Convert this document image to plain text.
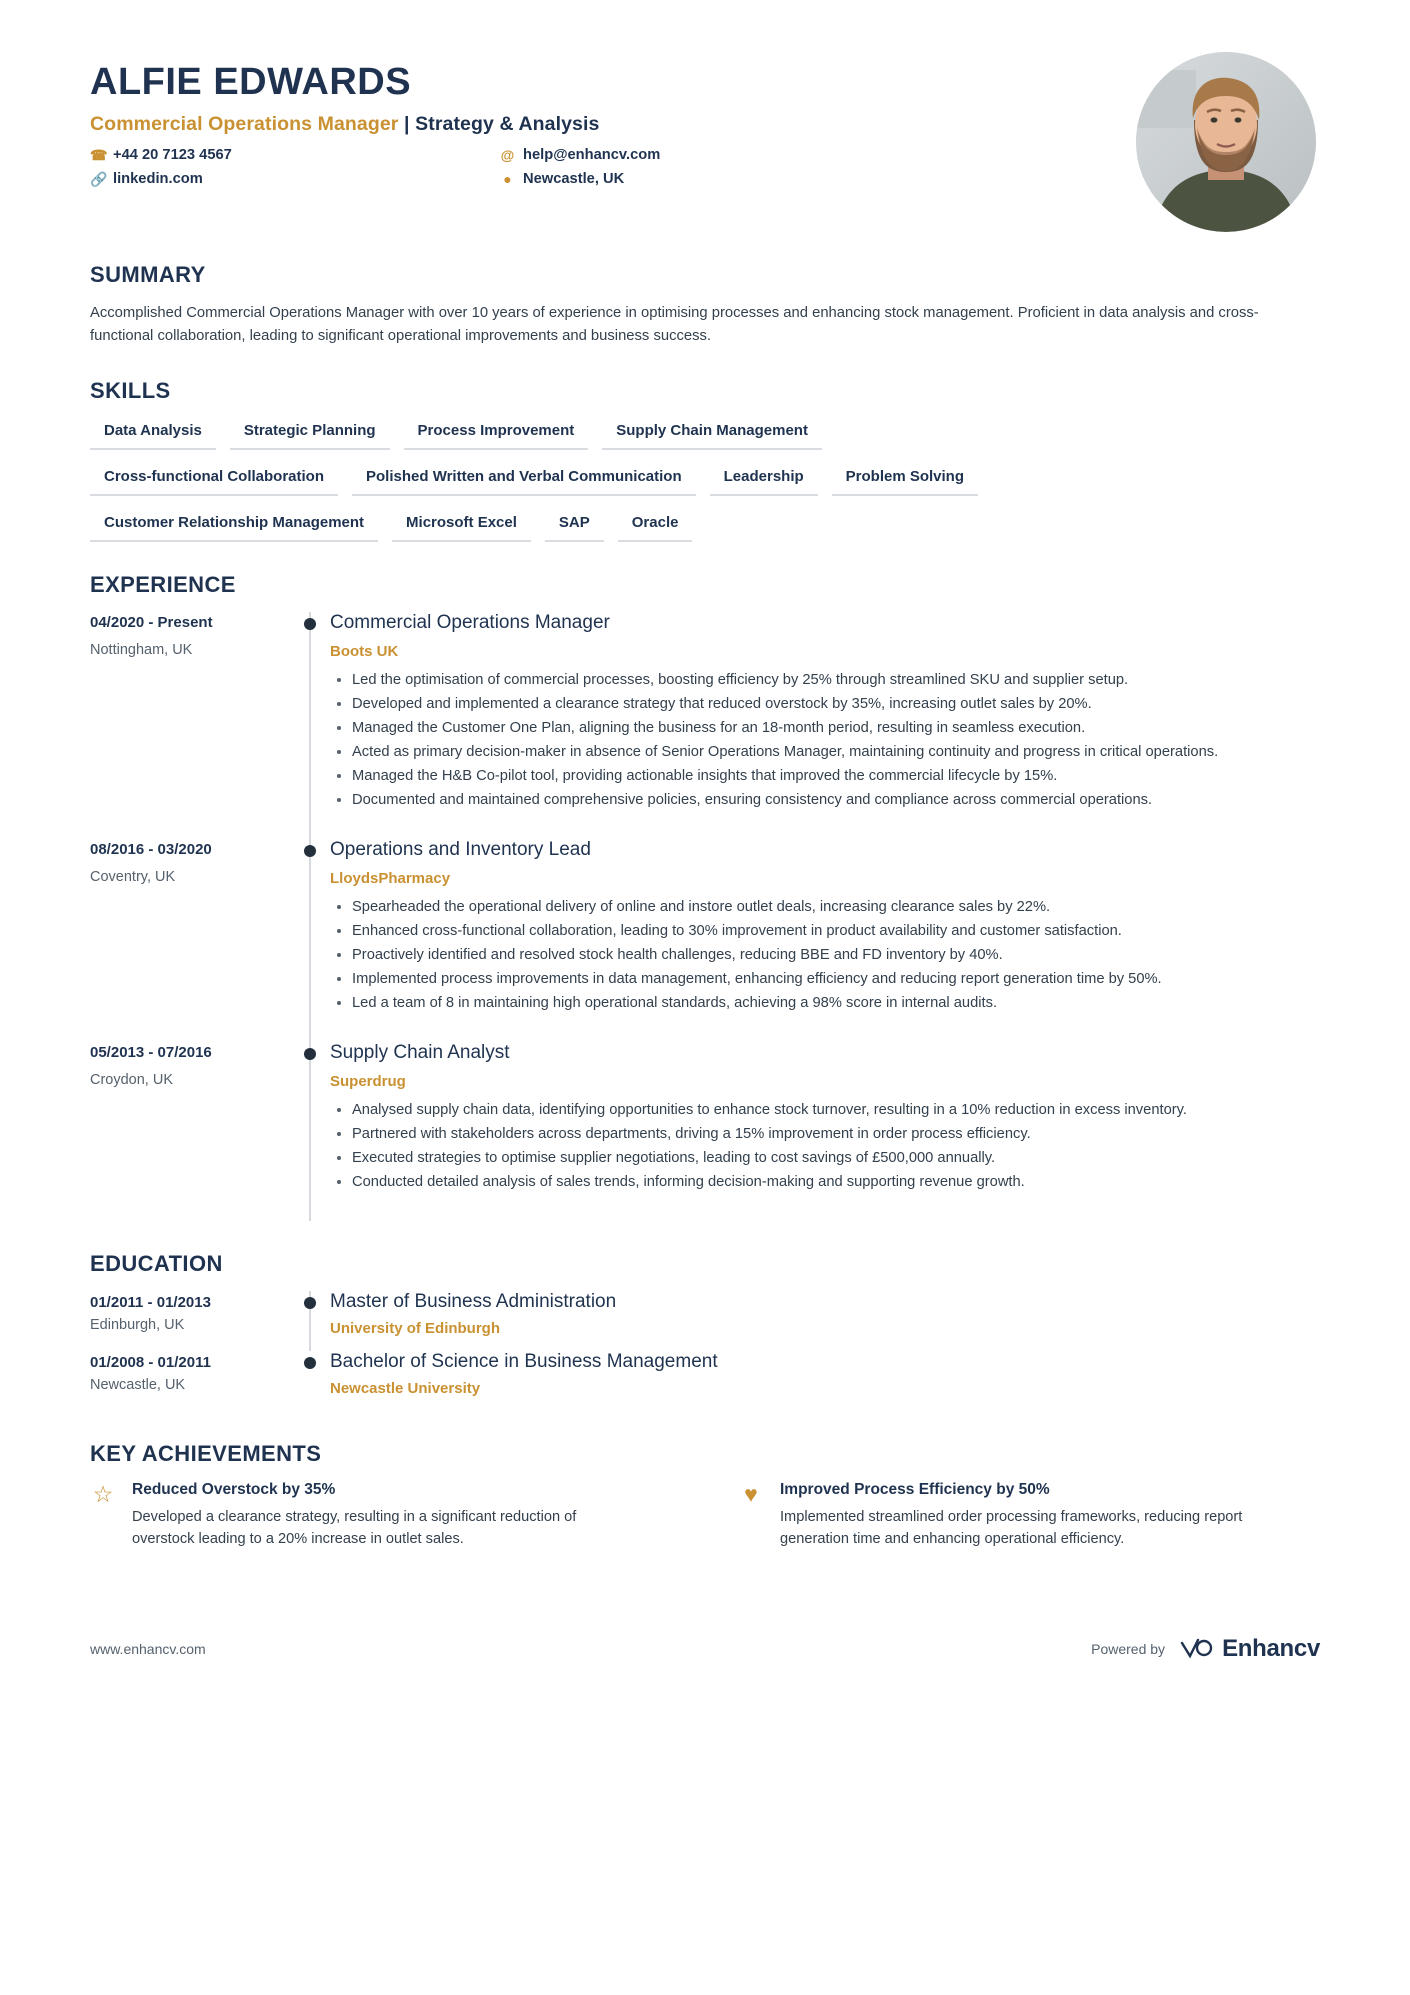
ALFIE EDWARDS
Commercial Operations Manager | Strategy & Analysis
☎ +44 20 7123 4567	@ help@enhancv.com
🔗 linkedin.com	● Newcastle, UK
SUMMARY
Accomplished Commercial Operations Manager with over 10 years of experience in optimising processes and enhancing stock management. Proficient in data analysis and cross-functional collaboration, leading to significant operational improvements and business success.
SKILLS
Data Analysis	Strategic Planning	Process Improvement	Supply Chain Management
Cross-functional Collaboration	Polished Written and Verbal Communication	Leadership	Problem Solving
Customer Relationship Management	Microsoft Excel	SAP	Oracle
EXPERIENCE
04/2020 - Present
Nottingham, UK
Commercial Operations Manager
Boots UK
• Led the optimisation of commercial processes, boosting efficiency by 25% through streamlined SKU and supplier setup.
• Developed and implemented a clearance strategy that reduced overstock by 35%, increasing outlet sales by 20%.
• Managed the Customer One Plan, aligning the business for an 18-month period, resulting in seamless execution.
• Acted as primary decision-maker in absence of Senior Operations Manager, maintaining continuity and progress in critical operations.
• Managed the H&B Co-pilot tool, providing actionable insights that improved the commercial lifecycle by 15%.
• Documented and maintained comprehensive policies, ensuring consistency and compliance across commercial operations.
08/2016 - 03/2020
Coventry, UK
Operations and Inventory Lead
LloydsPharmacy
• Spearheaded the operational delivery of online and instore outlet deals, increasing clearance sales by 22%.
• Enhanced cross-functional collaboration, leading to 30% improvement in product availability and customer satisfaction.
• Proactively identified and resolved stock health challenges, reducing BBE and FD inventory by 40%.
• Implemented process improvements in data management, enhancing efficiency and reducing report generation time by 50%.
• Led a team of 8 in maintaining high operational standards, achieving a 98% score in internal audits.
05/2013 - 07/2016
Croydon, UK
Supply Chain Analyst
Superdrug
• Analysed supply chain data, identifying opportunities to enhance stock turnover, resulting in a 10% reduction in excess inventory.
• Partnered with stakeholders across departments, driving a 15% improvement in order process efficiency.
• Executed strategies to optimise supplier negotiations, leading to cost savings of £500,000 annually.
• Conducted detailed analysis of sales trends, informing decision-making and supporting revenue growth.
EDUCATION
01/2011 - 01/2013
Edinburgh, UK
Master of Business Administration
University of Edinburgh
01/2008 - 01/2011
Newcastle, UK
Bachelor of Science in Business Management
Newcastle University
KEY ACHIEVEMENTS
☆ Reduced Overstock by 35%
Developed a clearance strategy, resulting in a significant reduction of overstock leading to a 20% increase in outlet sales.
♥	Improved Process Efficiency by 50%
Implemented streamlined order processing frameworks, reducing report generation time and enhancing operational efficiency.
www.enhancv.com	Powered by Enhancv
